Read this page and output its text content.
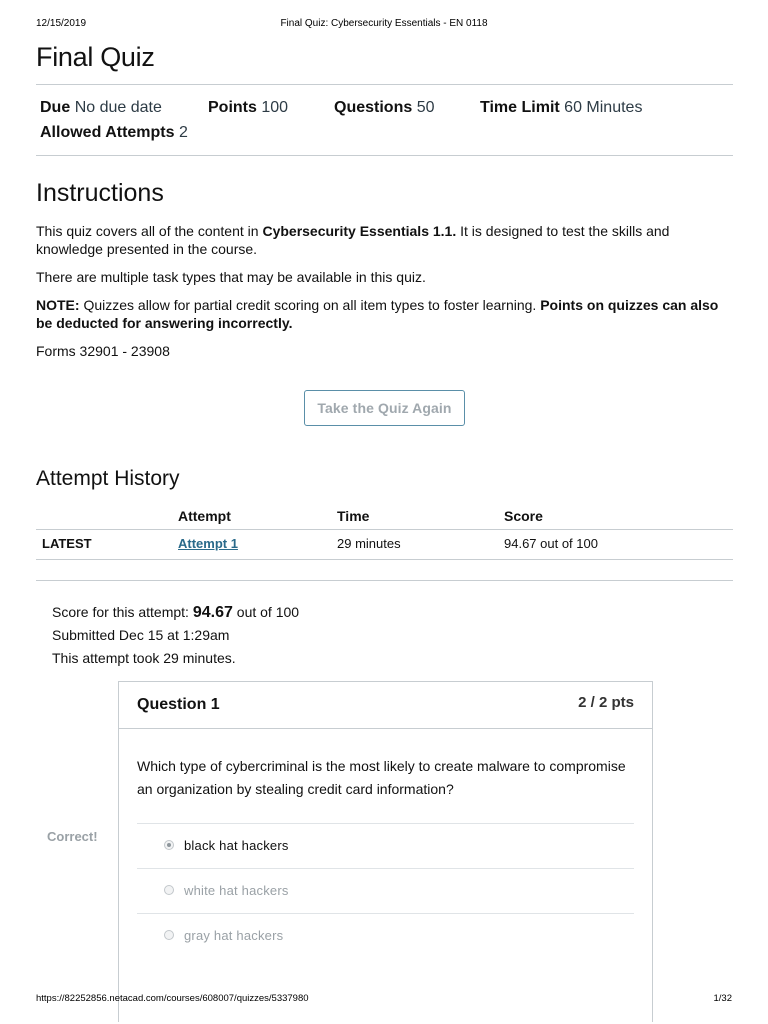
12/15/2019	Final Quiz: Cybersecurity Essentials - EN 0118
Final Quiz
Due No due date	Points 100	Questions 50	Time Limit 60 Minutes
Allowed Attempts 2
Instructions

This quiz covers all of the content in Cybersecurity Essentials 1.1. It is designed to test the skills and knowledge presented in the course.

There are multiple task types that may be available in this quiz.

NOTE: Quizzes allow for partial credit scoring on all item types to foster learning. Points on quizzes can also be deducted for answering incorrectly.

Forms 32901 - 23908

Take the Quiz Again
Attempt History
	Attempt	Time	Score
LATEST	Attempt 1	29 minutes	94.67 out of 100
Score for this attempt: 94.67 out of 100
Submitted Dec 15 at 1:29am
This attempt took 29 minutes.
Correct!
Question 1	2 / 2 pts
Which type of cybercriminal is the most likely to create malware to compromise an organization by stealing credit card information?
black hat hackers
white hat hackers
gray hat hackers
https://82252856.netacad.com/courses/608007/quizzes/5337980	1/32
